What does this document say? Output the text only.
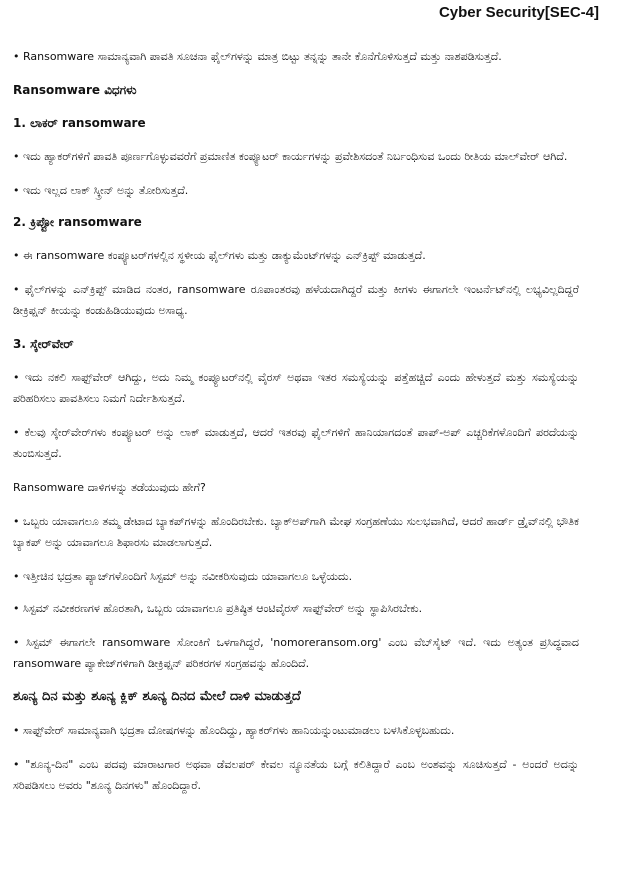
Cyber Security[SEC-4]

• Ransomware ಸಾಮಾನ್ಯವಾಗಿ ಪಾವತಿ ಸೂಚನಾ ಫೈಲ್‌ಗಳನ್ನು ಮಾತ್ರ ಬಿಟ್ಟು ತನ್ನನ್ನು ತಾನೇ ಕೊನೆಗೊಳಿಸುತ್ತದೆ ಮತ್ತು ನಾಶಪಡಿಸುತ್ತದೆ.

Ransomware ವಿಧಗಳು

1. ಲಾಕರ್ ransomware

• ಇದು ಹ್ಯಾಕರ್‌ಗಳಿಗೆ ಪಾವತಿ ಪೂರ್ಣಗೊಳ್ಳುವವರೆಗೆ ಪ್ರಮಾಣಿತ ಕಂಪ್ಯೂಟರ್ ಕಾರ್ಯಗಳನ್ನು ಪ್ರವೇಶಿಸದಂತೆ ನಿರ್ಬಂಧಿಸುವ ಒಂದು ರೀತಿಯ ಮಾಲ್‌ವೇರ್ ಆಗಿದೆ.

• ಇದು ಇಲ್ಲದ ಲಾಕ್ ಸ್ಕ್ರೀನ್ ಅನ್ನು ತೋರಿಸುತ್ತದೆ.

2. ಕ್ರಿಪ್ಟೋ ransomware

• ಈ ransomware ಕಂಪ್ಯೂಟರ್‌ಗಳಲ್ಲಿನ ಸ್ಥಳೀಯ ಫೈಲ್‌ಗಳು ಮತ್ತು ಡಾಕ್ಯುಮೆಂಟ್‌ಗಳನ್ನು ಎನ್‌ಕ್ರಿಪ್ಟ್ ಮಾಡುತ್ತದೆ.

• ಫೈಲ್‌ಗಳನ್ನು ಎನ್‌ಕ್ರಿಪ್ಟ್ ಮಾಡಿದ ನಂತರ, ransomware ರೂಪಾಂತರವು ಹಳೆಯದಾಗಿದ್ದರೆ ಮತ್ತು ಕೀಗಳು ಈಗಾಗಲೇ ಇಂಟರ್ನೆಟ್‌ನಲ್ಲಿ ಲಭ್ಯವಿಲ್ಲದಿದ್ದರೆ ಡೀಕ್ರಿಪ್ಷನ್ ಕೀಯನ್ನು ಕಂಡುಹಿಡಿಯುವುದು ಅಸಾಧ್ಯ.

3. ಸ್ಕೇರ್‌ವೇರ್

• ಇದು ನಕಲಿ ಸಾಫ್ಟ್‌ವೇರ್ ಆಗಿದ್ದು, ಅದು ನಿಮ್ಮ ಕಂಪ್ಯೂಟರ್‌ನಲ್ಲಿ ವೈರಸ್ ಅಥವಾ ಇತರ ಸಮಸ್ಯೆಯನ್ನು ಪತ್ತೆಹಚ್ಚಿದೆ ಎಂದು ಹೇಳುತ್ತದೆ ಮತ್ತು ಸಮಸ್ಯೆಯನ್ನು ಪರಿಹರಿಸಲು ಪಾವತಿಸಲು ನಿಮಗೆ ನಿರ್ದೇಶಿಸುತ್ತದೆ.

• ಕೆಲವು ಸ್ಕೇರ್‌ವೇರ್‌ಗಳು ಕಂಪ್ಯೂಟರ್ ಅನ್ನು ಲಾಕ್ ಮಾಡುತ್ತದೆ, ಆದರೆ ಇತರವು ಫೈಲ್‌ಗಳಿಗೆ ಹಾನಿಯಾಗದಂತೆ ಪಾಪ್-ಅಪ್ ಎಚ್ಚರಿಕೆಗಳೊಂದಿಗೆ ಪರದೆಯನ್ನು ತುಂಬಿಸುತ್ತದೆ.

Ransomware ದಾಳಿಗಳನ್ನು ತಡೆಯುವುದು ಹೇಗೆ?

• ಒಬ್ಬರು ಯಾವಾಗಲೂ ತಮ್ಮ ಡೇಟಾದ ಬ್ಯಾಕಪ್‌ಗಳನ್ನು ಹೊಂದಿರಬೇಕು. ಬ್ಯಾಕ್‌ಅಪ್‌ಗಾಗಿ ಮೇಘ ಸಂಗ್ರಹಣೆಯು ಸುಲಭವಾಗಿದೆ, ಆದರೆ ಹಾರ್ಡ್ ಡ್ರೈವ್‌ನಲ್ಲಿ ಭೌತಿಕ ಬ್ಯಾಕಪ್ ಅನ್ನು ಯಾವಾಗಲೂ ಶಿಫಾರಸು ಮಾಡಲಾಗುತ್ತದೆ.

• ಇತ್ತೀಚಿನ ಭದ್ರತಾ ಪ್ಯಾಚ್‌ಗಳೊಂದಿಗೆ ಸಿಸ್ಟಮ್ ಅನ್ನು ನವೀಕರಿಸುವುದು ಯಾವಾಗಲೂ ಒಳ್ಳೆಯದು.

• ಸಿಸ್ಟಮ್ ನವೀಕರಣಗಳ ಹೊರತಾಗಿ, ಒಬ್ಬರು ಯಾವಾಗಲೂ ಪ್ರತಿಷ್ಠಿತ ಆಂಟಿವೈರಸ್ ಸಾಫ್ಟ್‌ವೇರ್ ಅನ್ನು ಸ್ಥಾಪಿಸಿರಬೇಕು.

• ಸಿಸ್ಟಮ್ ಈಗಾಗಲೇ ransomware ಸೋಂಕಿಗೆ ಒಳಗಾಗಿದ್ದರೆ, 'nomoreransom.org' ಎಂಬ ವೆಬ್‌ಸೈಟ್ ಇದೆ. ಇದು ಅತ್ಯಂತ ಪ್ರಸಿದ್ಧವಾದ ransomware ಪ್ಯಾಕೇಜ್‌ಗಳಿಗಾಗಿ ಡೀಕ್ರಿಪ್ಷನ್ ಪರಿಕರಗಳ ಸಂಗ್ರಹವನ್ನು ಹೊಂದಿದೆ.

ಶೂನ್ಯ ದಿನ ಮತ್ತು ಶೂನ್ಯ ಕ್ಲಿಕ್ ಶೂನ್ಯ ದಿನದ ಮೇಲೆ ದಾಳಿ ಮಾಡುತ್ತದೆ

• ಸಾಫ್ಟ್‌ವೇರ್ ಸಾಮಾನ್ಯವಾಗಿ ಭದ್ರತಾ ದೋಷಗಳನ್ನು ಹೊಂದಿದ್ದು, ಹ್ಯಾಕರ್‌ಗಳು ಹಾನಿಯನ್ನುಂಟುಮಾಡಲು ಬಳಸಿಕೊಳ್ಳಬಹುದು.

• "ಶೂನ್ಯ-ದಿನ" ಎಂಬ ಪದವು ಮಾರಾಟಗಾರ ಅಥವಾ ಡೆವಲಪರ್ ಕೇವಲ ನ್ಯೂನತೆಯ ಬಗ್ಗೆ ಕಲಿತಿದ್ದಾರೆ ಎಂಬ ಅಂಶವನ್ನು ಸೂಚಿಸುತ್ತದೆ - ಅಂದರೆ ಅದನ್ನು ಸರಿಪಡಿಸಲು ಅವರು "ಶೂನ್ಯ ದಿನಗಳು" ಹೊಂದಿದ್ದಾರೆ.
